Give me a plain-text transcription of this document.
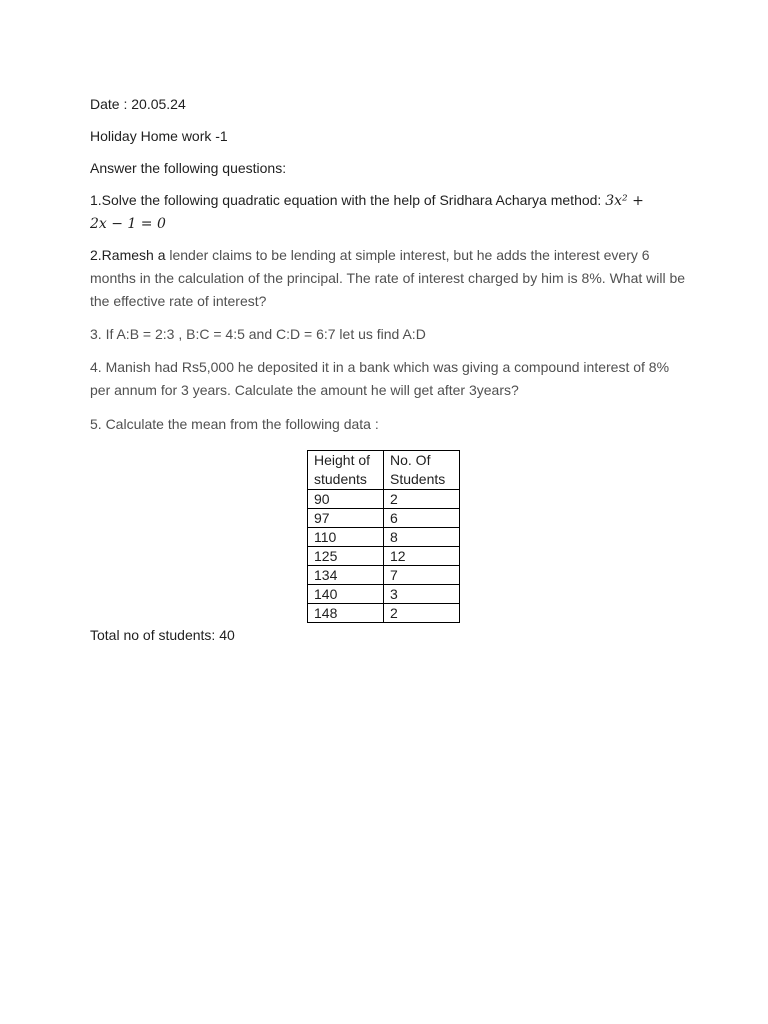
Date : 20.05.24

Holiday Home work -1

Answer the following questions:

1.Solve the following quadratic equation with the help of Sridhara Acharya method: 3x² +
2x − 1 = 0

2.Ramesh a lender claims to be lending at simple interest, but he adds the interest every 6 months in the calculation of the principal. The rate of interest charged by him is 8%. What will be the effective rate of interest?

3. If A:B = 2:3 , B:C = 4:5 and C:D = 6:7 let us find A:D

4. Manish had Rs5,000 he deposited it in a bank which was giving a compound interest of 8% per annum for 3 years. Calculate the amount he will get after 3years?

5. Calculate the mean from the following data :

Height of students	No. Of Students
90	2
97	6
110	8
125	12
134	7
140	3
148	2
Total no of students: 40
